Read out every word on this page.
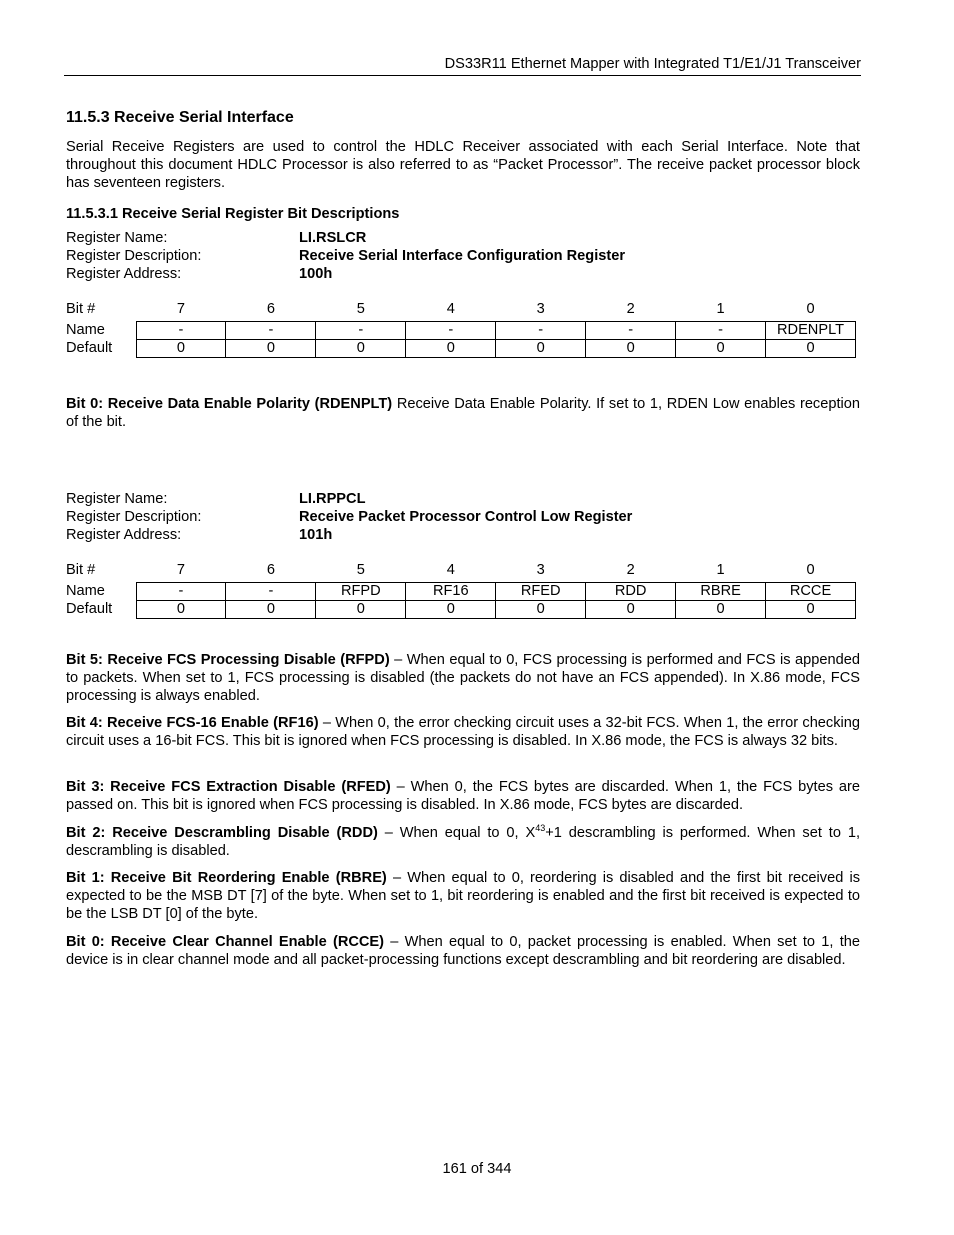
DS33R11 Ethernet Mapper with Integrated T1/E1/J1 Transceiver
11.5.3 Receive Serial Interface
Serial Receive Registers are used to control the HDLC Receiver associated with each Serial Interface. Note that throughout this document HDLC Processor is also referred to as “Packet Processor”. The receive packet processor block has seventeen registers.
11.5.3.1 Receive Serial Register Bit Descriptions
Register Name:	LI.RSLCR
Register Description:	Receive Serial Interface Configuration Register
Register Address:	100h
Bit #	7	6	5	4	3	2	1	0
Name	-	-	-	-	-	-	-	RDENPLT
Default	0	0	0	0	0	0	0	0
Bit 0: Receive Data Enable Polarity (RDENPLT) Receive Data Enable Polarity. If set to 1, RDEN Low enables reception of the bit.
Register Name:	LI.RPPCL
Register Description:	Receive Packet Processor Control Low Register
Register Address:	101h
Bit #	7	6	5	4	3	2	1	0
Name	-	-	RFPD	RF16	RFED	RDD	RBRE	RCCE
Default	0	0	0	0	0	0	0	0
Bit 5: Receive FCS Processing Disable (RFPD) – When equal to 0, FCS processing is performed and FCS is appended to packets. When set to 1, FCS processing is disabled (the packets do not have an FCS appended). In X.86 mode, FCS processing is always enabled.
Bit 4: Receive FCS-16 Enable (RF16) – When 0, the error checking circuit uses a 32-bit FCS. When 1, the error checking circuit uses a 16-bit FCS. This bit is ignored when FCS processing is disabled. In X.86 mode, the FCS is always 32 bits.
Bit 3: Receive FCS Extraction Disable (RFED) – When 0, the FCS bytes are discarded. When 1, the FCS bytes are passed on. This bit is ignored when FCS processing is disabled. In X.86 mode, FCS bytes are discarded.
Bit 2: Receive Descrambling Disable (RDD) – When equal to 0, $X^{43}+1$ descrambling is performed. When set to 1, descrambling is disabled.
Bit 1: Receive Bit Reordering Enable (RBRE) – When equal to 0, reordering is disabled and the first bit received is expected to be the MSB DT [7] of the byte. When set to 1, bit reordering is enabled and the first bit received is expected to be the LSB DT [0] of the byte.
Bit 0: Receive Clear Channel Enable (RCCE) – When equal to 0, packet processing is enabled. When set to 1, the device is in clear channel mode and all packet-processing functions except descrambling and bit reordering are disabled.
161 of 344
